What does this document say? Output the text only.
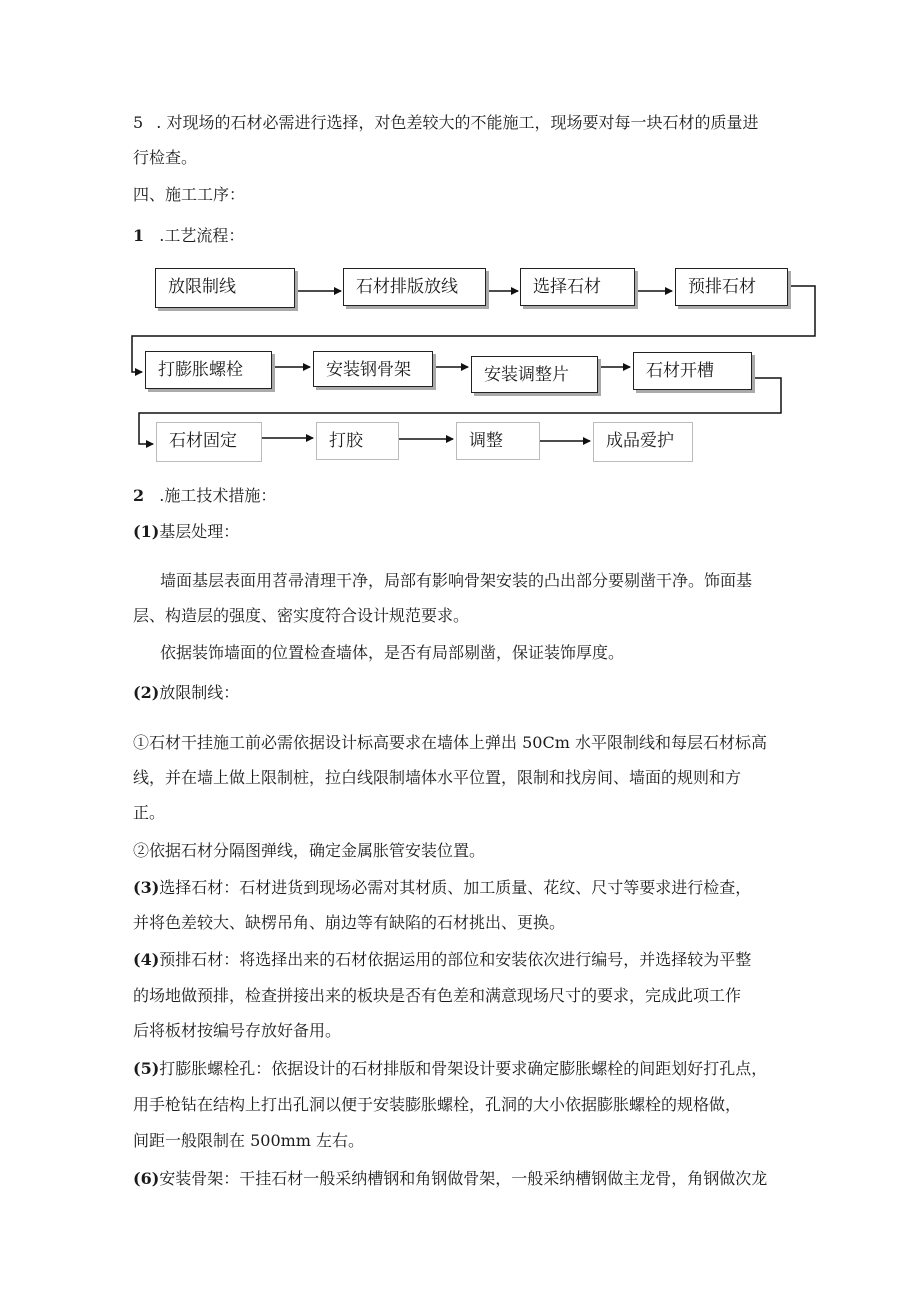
5 . 对现场的石材必需进行选择，对色差较大的不能施工，现场要对每一块石材的质量进
行检查。
四、施工工序：
1 .工艺流程：
放限制线	石材排版放线	选择石材	预排石材
打膨胀螺栓	安装钢骨架	安装调整片	石材开槽
石材固定	打胶	调整	成品爱护
2 .施工技术措施：
(1)基层处理：
墙面基层表面用苕帚清理干净，局部有影响骨架安装的凸出部分要剔凿干净。饰面基
层、构造层的强度、密实度符合设计规范要求。
依据装饰墙面的位置检查墙体，是否有局部剔凿，保证装饰厚度。
(2)放限制线：
①石材干挂施工前必需依据设计标高要求在墙体上弹出 50Cm 水平限制线和每层石材标高
线，并在墙上做上限制桩，拉白线限制墙体水平位置，限制和找房间、墙面的规则和方
正。
②依据石材分隔图弹线，确定金属胀管安装位置。
(3)选择石材：石材进货到现场必需对其材质、加工质量、花纹、尺寸等要求进行检查，
并将色差较大、缺楞吊角、崩边等有缺陷的石材挑出、更换。
(4)预排石材：将选择出来的石材依据运用的部位和安装依次进行编号，并选择较为平整
的场地做预排，检查拼接出来的板块是否有色差和满意现场尺寸的要求，完成此项工作
后将板材按编号存放好备用。
(5)打膨胀螺栓孔：依据设计的石材排版和骨架设计要求确定膨胀螺栓的间距划好打孔点，
用手枪钻在结构上打出孔洞以便于安装膨胀螺栓，孔洞的大小依据膨胀螺栓的规格做，
间距一般限制在 500mm 左右。
(6)安装骨架：干挂石材一般采纳槽钢和角钢做骨架，一般采纳槽钢做主龙骨，角钢做次龙
